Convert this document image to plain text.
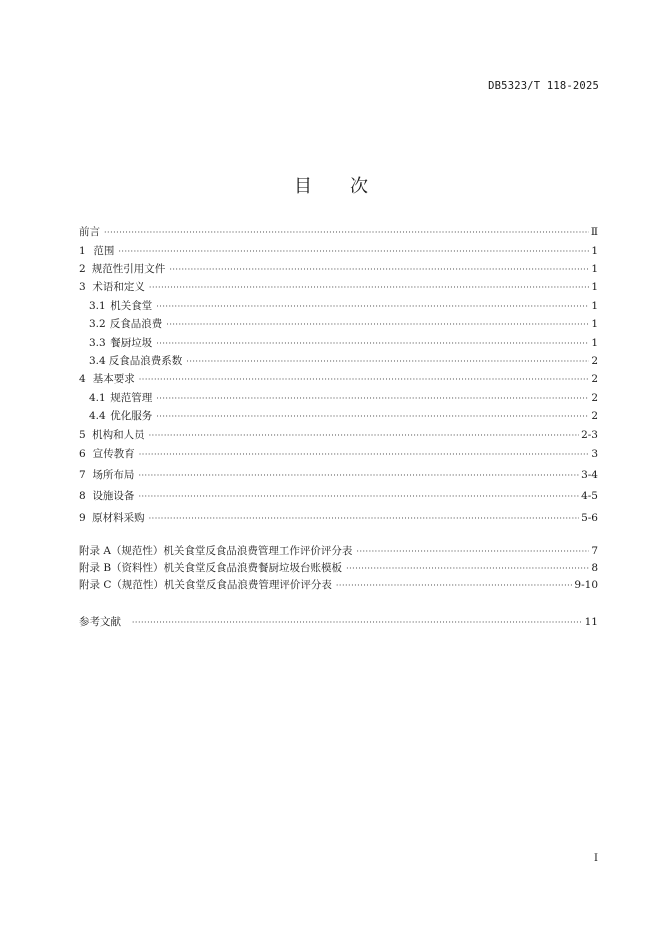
DB5323/T 118-2025
目 次
前言 ·····	Ⅱ
1 范围 ·····	1
2 规范性引用文件 ·····	1
3 术语和定义 ·····	1
3.1 机关食堂 ·····	1
3.2 反食品浪费 ·····	1
3.3 餐厨垃圾 ·····	1
3.4 反食品浪费系数 ·····	2
4 基本要求 ·····	2
4.1 规范管理 ·····	2
4.4 优化服务 ·····	2
5 机构和人员 ·····	2-3
6 宣传教育 ·····	3
7 场所布局 ·····	3-4
8 设施设备 ·····	4-5
9 原材料采购 ·····	5-6
附录 A（规范性） 机关食堂反食品浪费管理工作评价评分表 ·····	7
附录 B（资料性） 机关食堂反食品浪费餐厨垃圾台账模板 ·····	8
附录 C（规范性） 机关食堂反食品浪费管理评价评分表 ·····	9-10
参考文献 ·····	11
I
